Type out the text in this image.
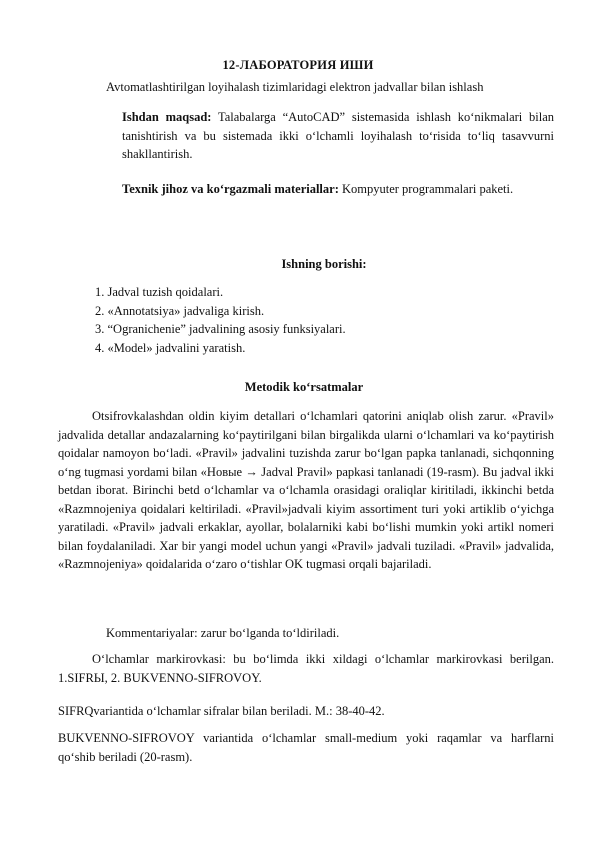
12-ЛАБОРАТОРИЯ ИШИ
Avtomatlashtirilgan loyihalash tizimlaridagi elektron jadvallar bilan ishlash
Ishdan maqsad: Talabalarga “AutoCAD” sistemasida ishlash ko‘nikmalari bilan tanishtirish va bu sistemada ikki o‘lchamli loyihalash to‘risida to‘liq tasavvurni shakllantirish.
Texnik jihoz va ko‘rgazmali materiallar: Kompyuter programmalari paketi.
Ishning borishi:
1. Jadval tuzish qoidalari.
2. «Annotatsiya» jadvaliga kirish.
3. “Ogranichenie” jadvalining asosiy funksiyalari.
4. «Model» jadvalini yaratish.
Metodik ko‘rsatmalar
Otsifrovkalashdan oldin kiyim detallari o‘lchamlari qatorini aniqlab olish zarur. «Pravil» jadvalida detallar andazalarning ko‘paytirilgani bilan birgalikda ularni o‘lchamlari va ko‘paytirish qoidalar namoyon bo‘ladi. «Pravil» jadvalini tuzishda zarur bo‘lgan papka tanlanadi, sichqonning o‘ng tugmasi yordami bilan «Новые → Jadval Pravil» papkasi tanlanadi (19-rasm). Bu jadval ikki betdan iborat. Birinchi betd o‘lchamlar va o‘lchamla orasidagi oraliqlar kiritiladi, ikkinchi betda «Razmnojeniya qoidalari keltiriladi. «Pravil»jadvali kiyim assortiment turi yoki artiklib o‘yichga yaratiladi. «Pravil» jadvali erkaklar, ayollar, bolalarniki kabi bo‘lishi mumkin yoki artikl nomeri bilan foydalaniladi. Xar bir yangi model uchun yangi «Pravil» jadvali tuziladi. «Pravil» jadvalida, «Razmnojeniya» qoidalarida o‘zaro o‘tishlar OK tugmasi orqali bajariladi.
Kommentariyalar: zarur bo‘lganda to‘ldiriladi.
O‘lchamlar markirovkasi: bu bo‘limda ikki xildagi o‘lchamlar markirovkasi berilgan. 1.SIFRЫ, 2. BUKVENNO-SIFROVOY.
SIFRQvariantida o‘lchamlar sifralar bilan beriladi. M.: 38-40-42.
BUKVENNO-SIFROVOY variantida o‘lchamlar small-medium yoki raqamlar va harflarni qo‘shib beriladi (20-rasm).
